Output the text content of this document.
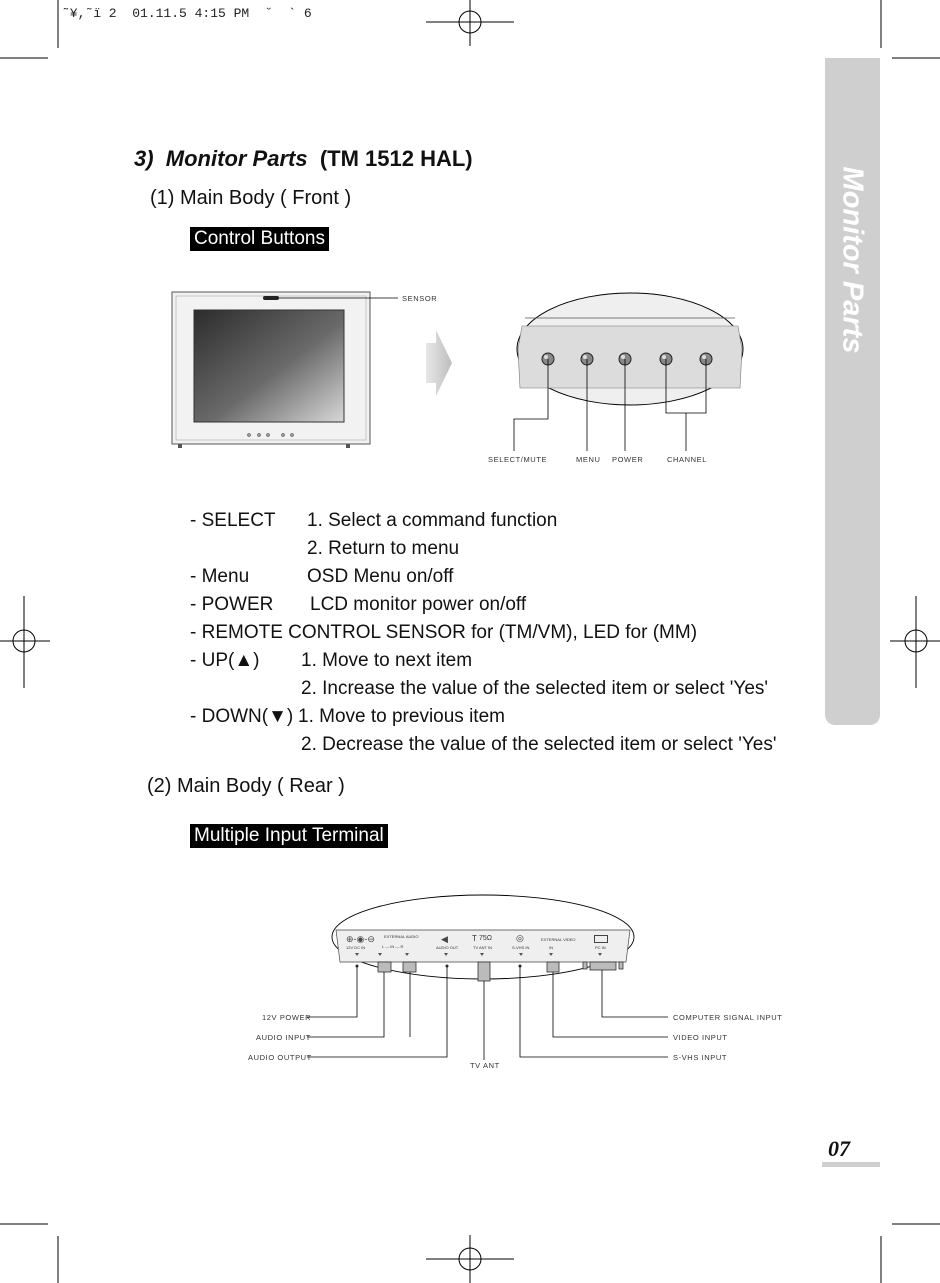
˜¥,˜ï 2  01.11.5 4:15 PM  ˘  ` 6
Monitor Parts
3) Monitor Parts (TM 1512 HAL)
(1) Main Body ( Front )
Control Buttons
SENSOR
SELECT/MUTE	MENU POWER	CHANNEL
- SELECT 1. Select a command function
2. Return to menu
- Menu	OSD Menu on/off
- POWER LCD monitor power on/off
- REMOTE CONTROL SENSOR for (TM/VM), LED for (MM)
- UP(▲) 1. Move to next item
2. Increase the value of the selected item or select 'Yes'
- DOWN(▼) 1. Move to previous item
2. Decrease the value of the selected item or select 'Yes'
(2) Main Body ( Rear )
Multiple Input Terminal
⊕-◉-⊖
12V DC IN
EXTERNAL AUDIO
L — IN — R
◀
AUDIO OUT
T 75Ω
TV ANT IN
◎
S-VHS IN
EXTERNAL VIDEO
IN	PC IN
12V POWER
AUDIO INPUT
AUDIO OUTPUT
TV ANT
COMPUTER SIGNAL INPUT
VIDEO INPUT
S-VHS INPUT
07
